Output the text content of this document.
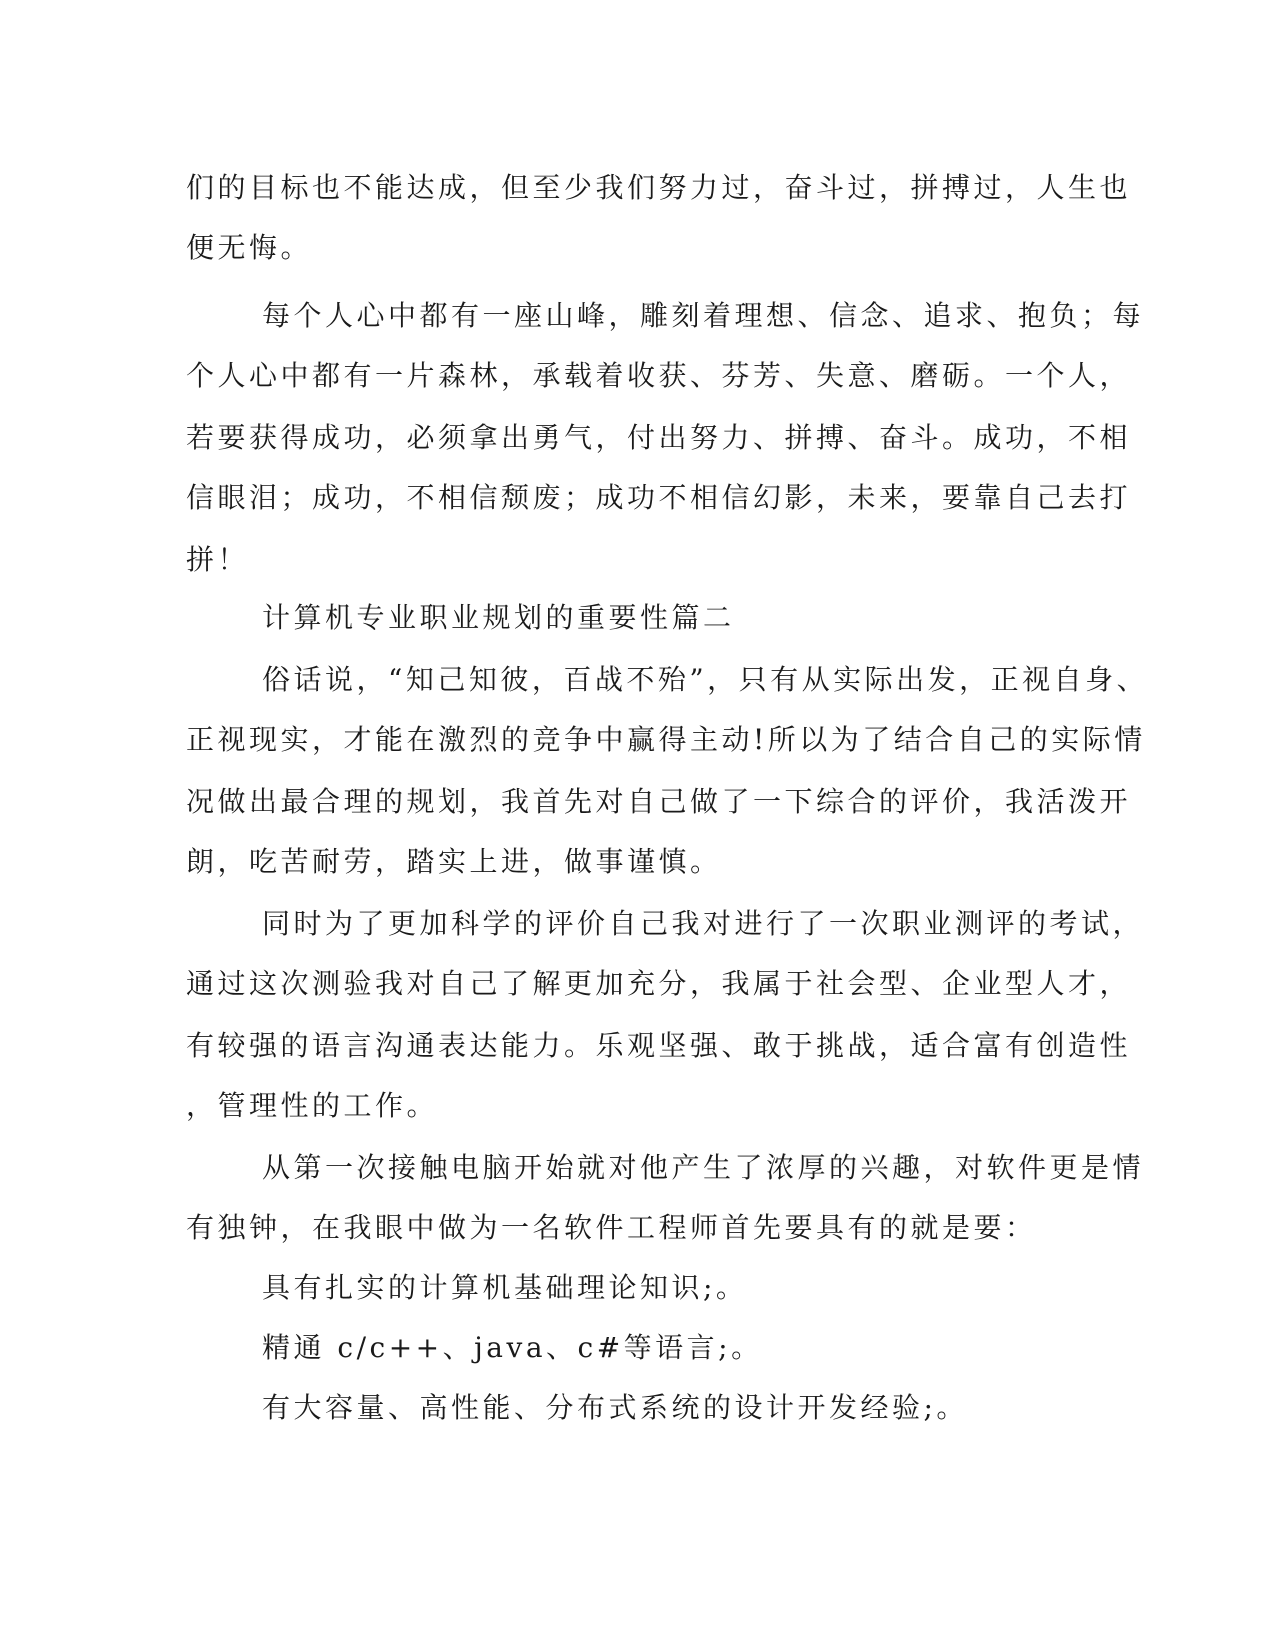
们的目标也不能达成，但至少我们努力过，奋斗过，拼搏过，人生也
便无悔。
每个人心中都有一座山峰，雕刻着理想、信念、追求、抱负；每
个人心中都有一片森林，承载着收获、芬芳、失意、磨砺。一个人，
若要获得成功，必须拿出勇气，付出努力、拼搏、奋斗。成功，不相
信眼泪；成功，不相信颓废；成功不相信幻影，未来，要靠自己去打
拼！
计算机专业职业规划的重要性篇二
俗话说，“知己知彼，百战不殆”，只有从实际出发，正视自身、
正视现实，才能在激烈的竞争中赢得主动!所以为了结合自己的实际情
况做出最合理的规划，我首先对自己做了一下综合的评价，我活泼开
朗，吃苦耐劳，踏实上进，做事谨慎。
同时为了更加科学的评价自己我对进行了一次职业测评的考试，
通过这次测验我对自己了解更加充分，我属于社会型、企业型人才，
有较强的语言沟通表达能力。乐观坚强、敢于挑战，适合富有创造性
，管理性的工作。
从第一次接触电脑开始就对他产生了浓厚的兴趣，对软件更是情
有独钟，在我眼中做为一名软件工程师首先要具有的就是要：
具有扎实的计算机基础理论知识;。
精通 c/c++、java、c#等语言;。
有大容量、高性能、分布式系统的设计开发经验;。
